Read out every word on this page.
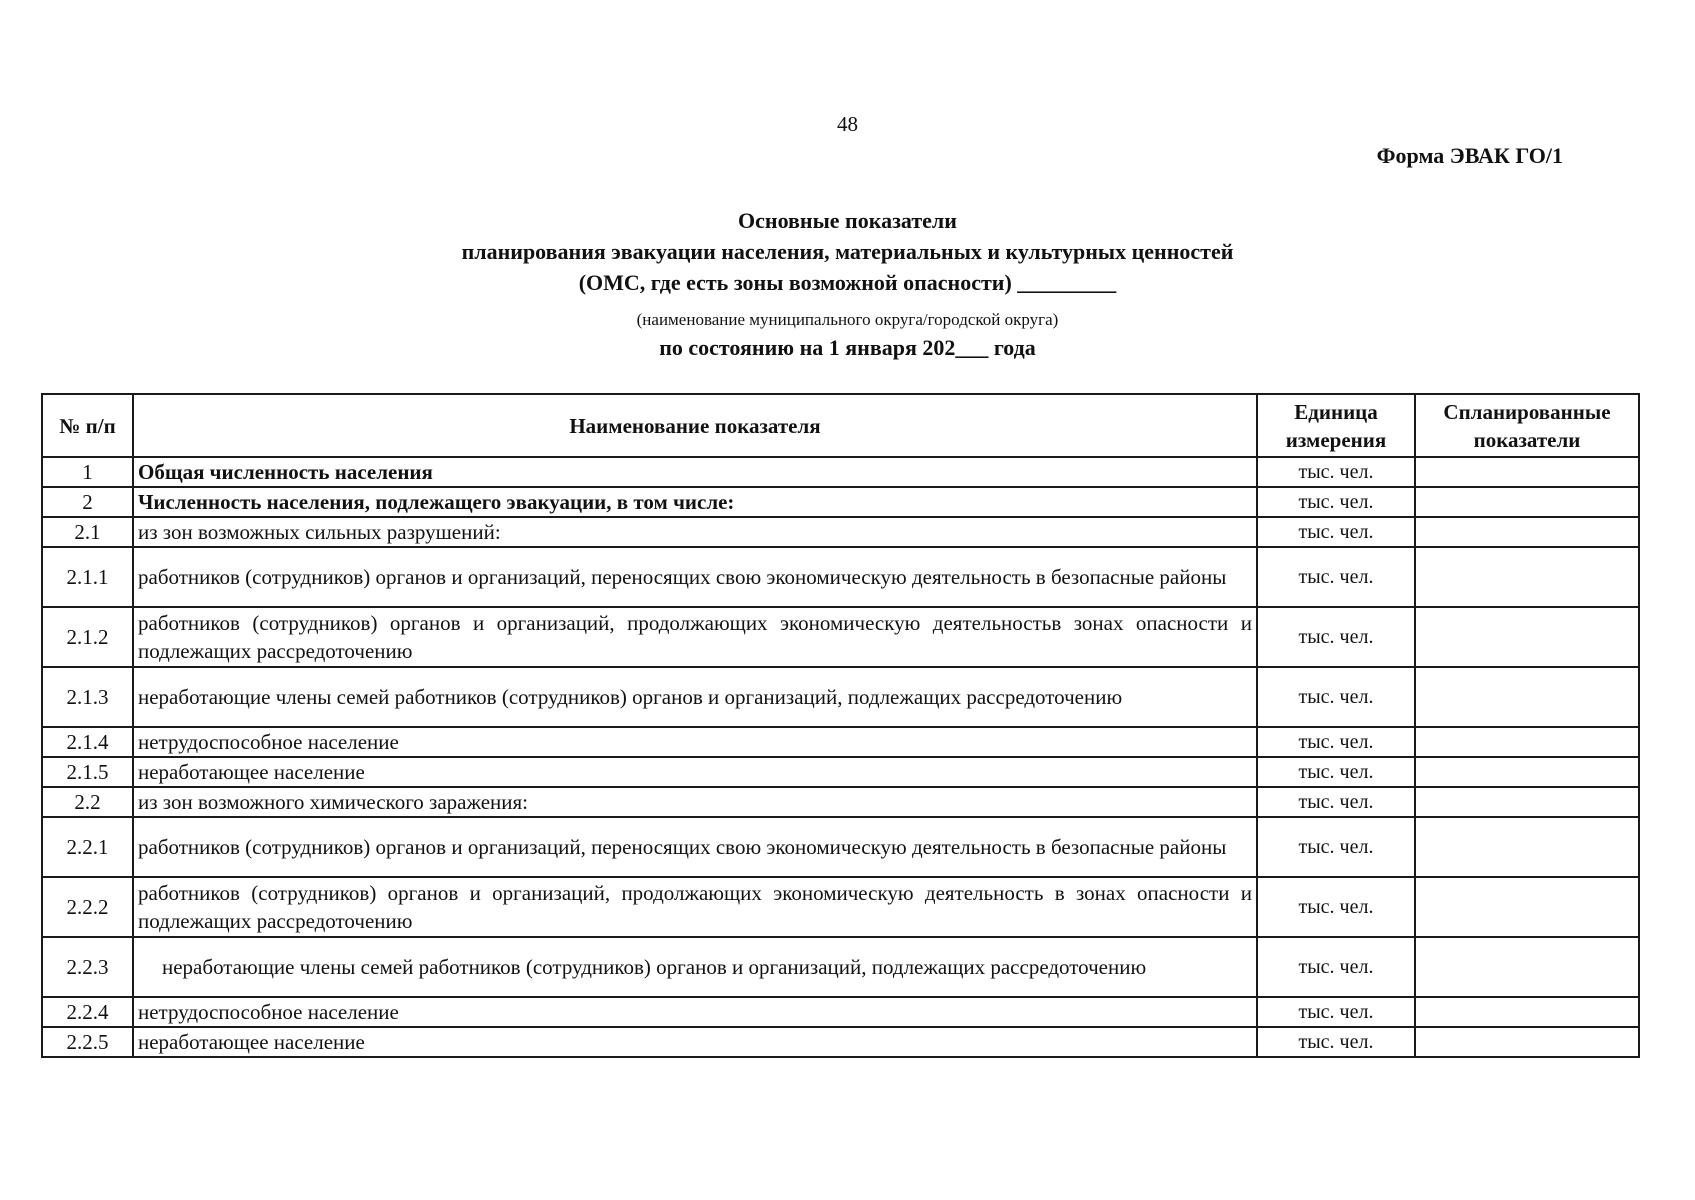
48
Форма ЭВАК ГО/1
Основные показатели
планирования эвакуации населения, материальных и культурных ценностей
(ОМС, где есть зоны возможной опасности) _________
(наименование муниципального округа/городской округа)
по состоянию на 1 января 202___ года
№ п/п	Наименование показателя	Единица измерения	Спланированные показатели
1	Общая численность населения	тыс. чел.	
2	Численность населения, подлежащего эвакуации, в том числе:	тыс. чел.	
2.1	из зон возможных сильных разрушений:	тыс. чел.	
2.1.1	работников (сотрудников) органов и организаций, переносящих свою экономическую деятельность в безопасные районы	тыс. чел.	
2.1.2	работников (сотрудников) органов и организаций, продолжающих экономическую деятельностьв зонах опасности и подлежащих рассредоточению	тыс. чел.	
2.1.3	неработающие члены семей работников (сотрудников) органов и организаций, подлежащих рассредоточению	тыс. чел.	
2.1.4	нетрудоспособное население	тыс. чел.	
2.1.5	неработающее население	тыс. чел.	
2.2	из зон возможного химического заражения:	тыс. чел.	
2.2.1	работников (сотрудников) органов и организаций, переносящих свою экономическую деятельность в безопасные районы	тыс. чел.	
2.2.2	работников (сотрудников) органов и организаций, продолжающих экономическую деятельность в зонах опасности и подлежащих рассредоточению	тыс. чел.	
2.2.3	неработающие члены семей работников (сотрудников) органов и организаций, подлежащих рассредоточению	тыс. чел.	
2.2.4	нетрудоспособное население	тыс. чел.	
2.2.5	неработающее население	тыс. чел.	
